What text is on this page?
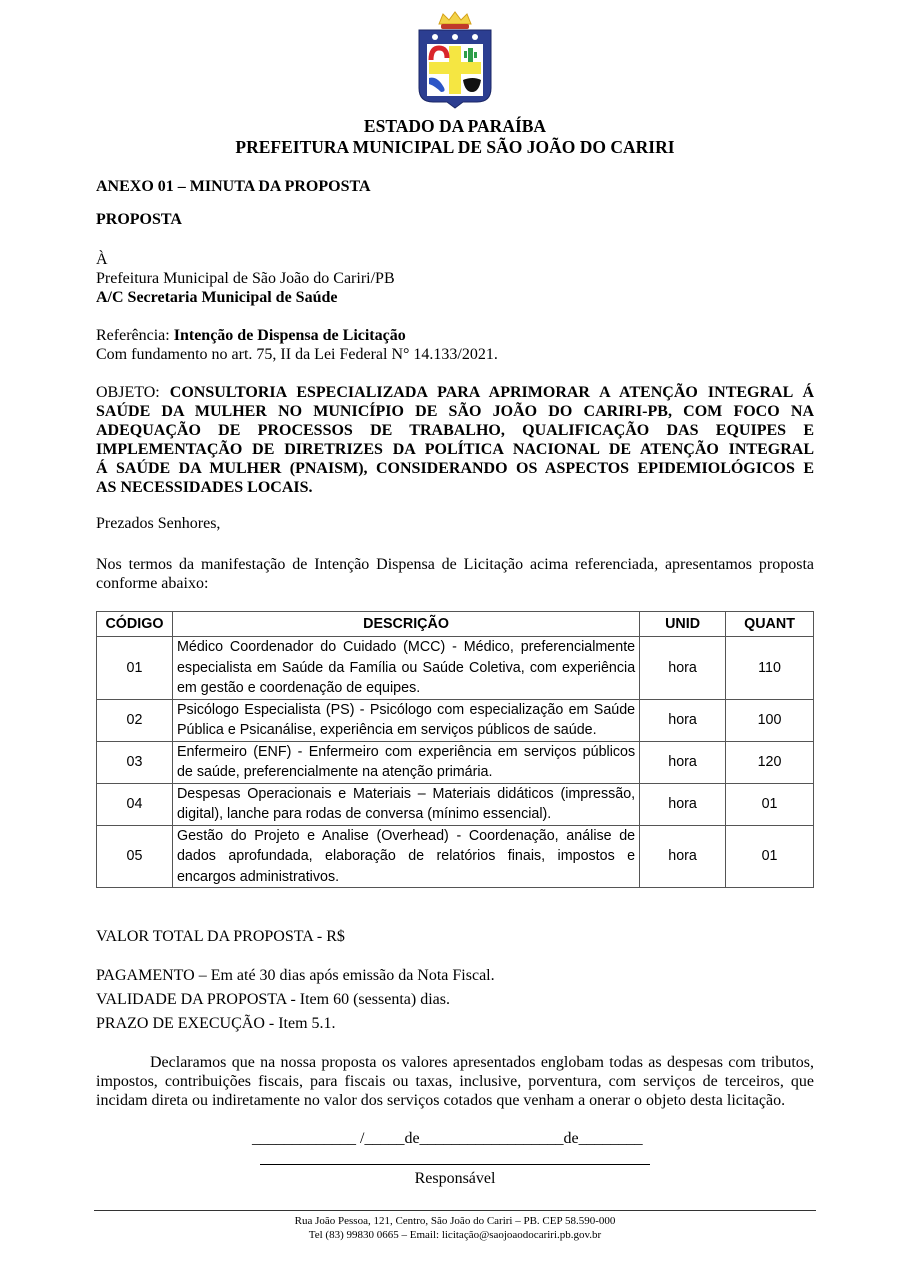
ESTADO DA PARAÍBA
PREFEITURA MUNICIPAL DE SÃO JOÃO DO CARIRI
ANEXO 01 – MINUTA DA PROPOSTA
PROPOSTA
À
Prefeitura Municipal de São João do Cariri/PB
A/C Secretaria Municipal de Saúde
Referência: Intenção de Dispensa de Licitação
Com fundamento no art. 75, II da Lei Federal N° 14.133/2021.
OBJETO: CONSULTORIA ESPECIALIZADA PARA APRIMORAR A ATENÇÃO INTEGRAL Á
SAÚDE DA MULHER NO MUNICÍPIO DE SÃO JOÃO DO CARIRI-PB, COM FOCO NA
ADEQUAÇÃO DE PROCESSOS DE TRABALHO, QUALIFICAÇÃO DAS EQUIPES E
IMPLEMENTAÇÃO DE DIRETRIZES DA POLÍTICA NACIONAL DE ATENÇÃO INTEGRAL
Á SAÚDE DA MULHER (PNAISM), CONSIDERANDO OS ASPECTOS EPIDEMIOLÓGICOS E
AS NECESSIDADES LOCAIS.
Prezados Senhores,
Nos termos da manifestação de Intenção Dispensa de Licitação acima referenciada, apresentamos proposta conforme abaixo:
CÓDIGO	DESCRIÇÃO	UNID	QUANT
01	Médico Coordenador do Cuidado (MCC) - Médico, preferencialmente especialista em Saúde da Família ou Saúde Coletiva, com experiência em gestão e coordenação de equipes.	hora	110
02	Psicólogo Especialista (PS) - Psicólogo com especialização em Saúde Pública e Psicanálise, experiência em serviços públicos de saúde.	hora	100
03	Enfermeiro (ENF) - Enfermeiro com experiência em serviços públicos de saúde, preferencialmente na atenção primária.	hora	120
04	Despesas Operacionais e Materiais – Materiais didáticos (impressão, digital), lanche para rodas de conversa (mínimo essencial).	hora	01
05	Gestão do Projeto e Analise (Overhead) - Coordenação, análise de dados aprofundada, elaboração de relatórios finais, impostos e encargos administrativos.	hora	01
VALOR TOTAL DA PROPOSTA - R$
PAGAMENTO – Em até 30 dias após emissão da Nota Fiscal.
VALIDADE DA PROPOSTA - Item 60 (sessenta) dias.
PRAZO DE EXECUÇÃO - Item 5.1.
Declaramos que na nossa proposta os valores apresentados englobam todas as despesas com tributos, impostos, contribuições fiscais, para fiscais ou taxas, inclusive, porventura, com serviços de terceiros, que incidam direta ou indiretamente no valor dos serviços cotados que venham a onerar o objeto desta licitação.
_____________ /_____de__________________de________
Responsável
Rua João Pessoa, 121, Centro, São João do Cariri – PB. CEP 58.590-000
Tel (83) 99830 0665 – Email: licitação@saojoaodocariri.pb.gov.br
